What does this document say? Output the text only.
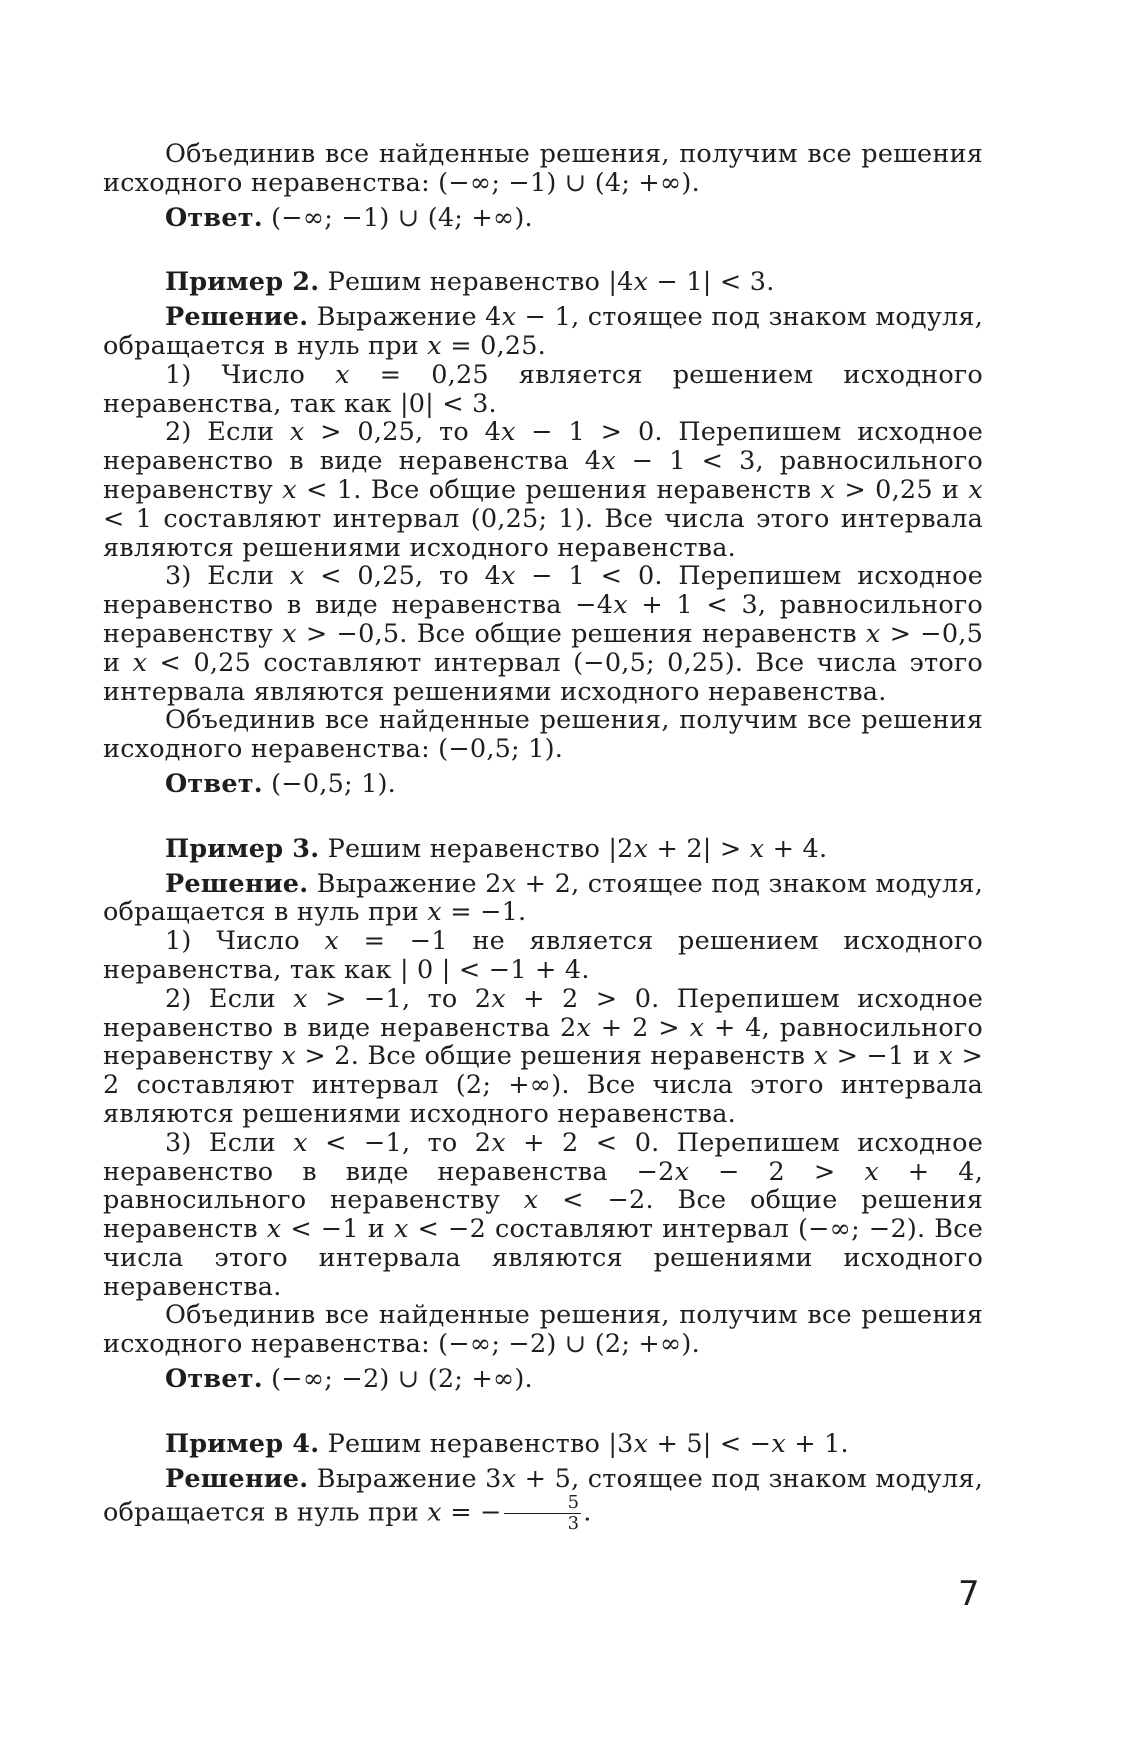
Объединив все найденные решения, получим все решения исходного неравенства: (−∞; −1) ∪ (4; +∞).

Ответ. (−∞; −1) ∪ (4; +∞).

Пример 2. Решим неравенство |4x − 1| < 3.

Решение. Выражение 4x − 1, стоящее под знаком модуля, обращается в нуль при x = 0,25.

1) Число x = 0,25 является решением исходного неравенства, так как |0| < 3.

2) Если x > 0,25, то 4x − 1 > 0. Перепишем исходное неравенство в виде неравенства 4x − 1 < 3, равносильного неравенству x < 1. Все общие решения неравенств x > 0,25 и x < 1 составляют интервал (0,25; 1). Все числа этого интервала являются решениями исходного неравенства.

3) Если x < 0,25, то 4x − 1 < 0. Перепишем исходное неравенство в виде неравенства −4x + 1 < 3, равносильного неравенству x > −0,5. Все общие решения неравенств x > −0,5 и x < 0,25 составляют интервал (−0,5; 0,25). Все числа этого интервала являются решениями исходного неравенства.

Объединив все найденные решения, получим все решения исходного неравенства: (−0,5; 1).

Ответ. (−0,5; 1).

Пример 3. Решим неравенство |2x + 2| > x + 4.

Решение. Выражение 2x + 2, стоящее под знаком модуля, обращается в нуль при x = −1.

1) Число x = −1 не является решением исходного неравенства, так как | 0 | < −1 + 4.

2) Если x > −1, то 2x + 2 > 0. Перепишем исходное неравенство в виде неравенства 2x + 2 > x + 4, равносильного неравенству x > 2. Все общие решения неравенств x > −1 и x > 2 составляют интервал (2; +∞). Все числа этого интервала являются решениями исходного неравенства.

3) Если x < −1, то 2x + 2 < 0. Перепишем исходное неравенство в виде неравенства −2x − 2 > x + 4, равносильного неравенству x < −2. Все общие решения неравенств x < −1 и x < −2 составляют интервал (−∞; −2). Все числа этого интервала являются решениями исходного неравенства.

Объединив все найденные решения, получим все решения исходного неравенства: (−∞; −2) ∪ (2; +∞).

Ответ. (−∞; −2) ∪ (2; +∞).

Пример 4. Решим неравенство |3x + 5| < −x + 1.

Решение. Выражение 3x + 5, стоящее под знаком модуля, обращается в нуль при x = − $\frac{5}{3}$ .

7
